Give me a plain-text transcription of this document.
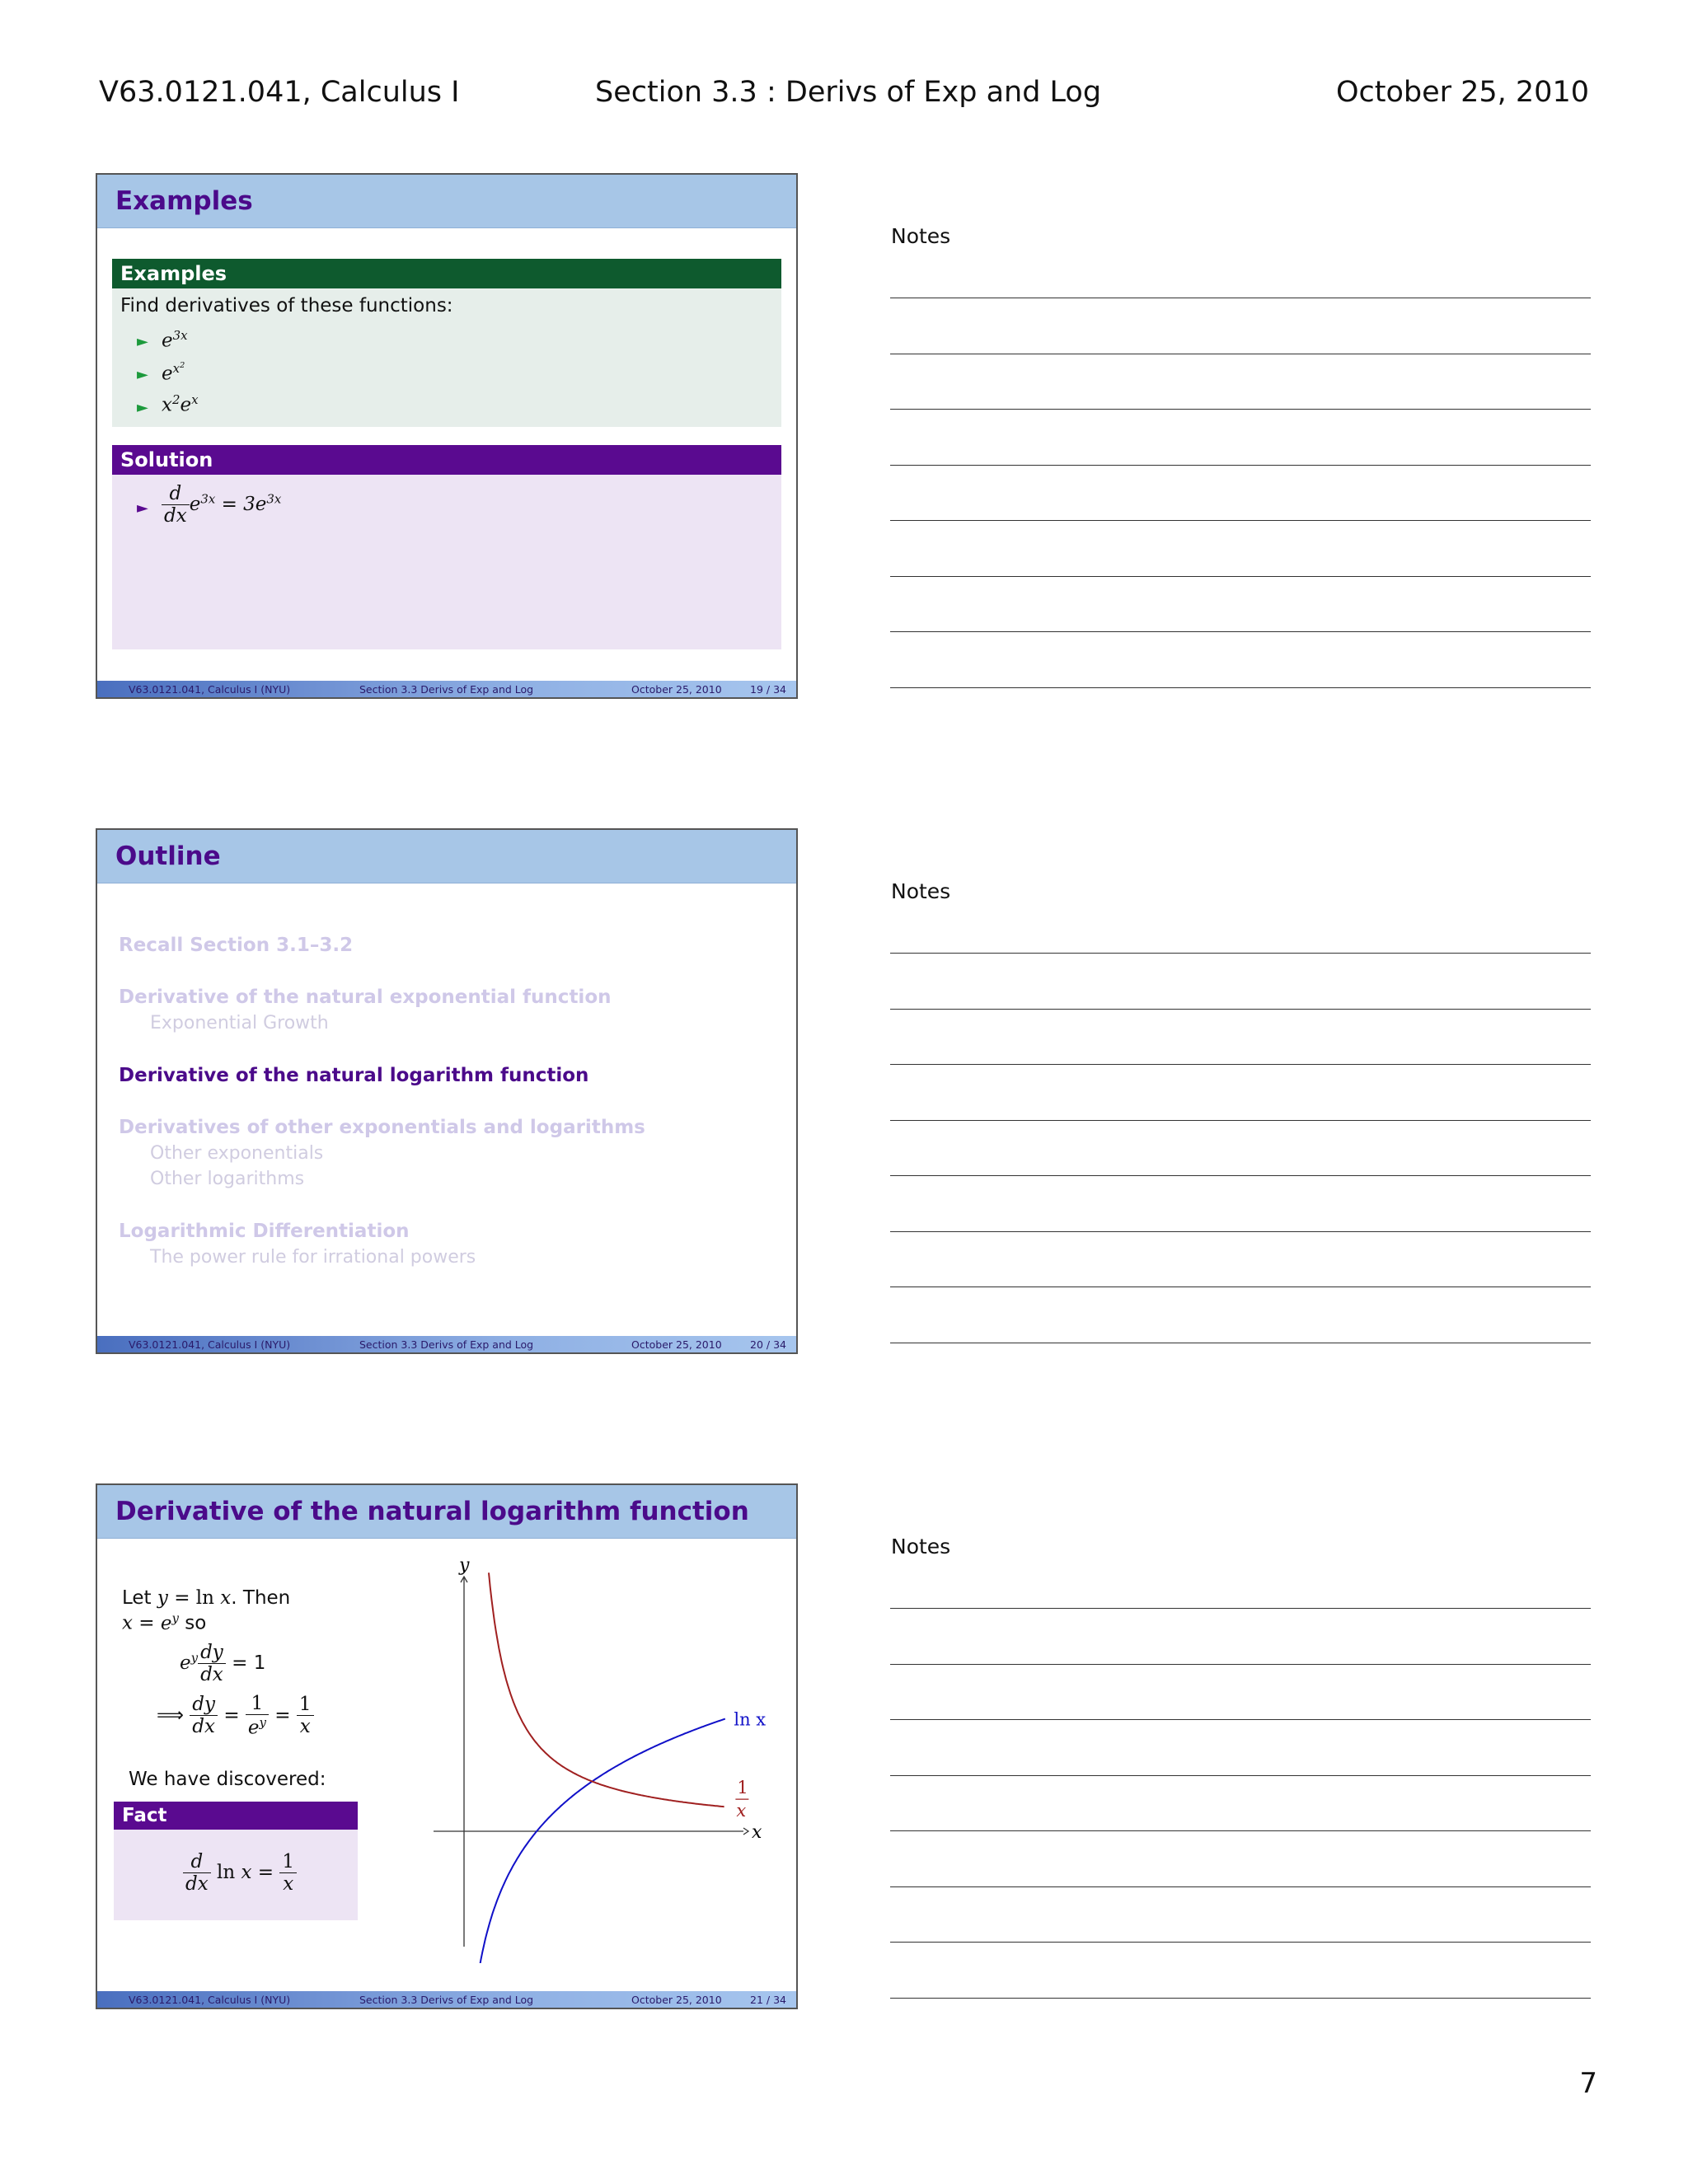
V63.0121.041, Calculus I	Section 3.3 : Derivs of Exp and Log	October 25, 2010
Examples
Examples
Find derivatives of these functions:
► $e^{3x}$
► $e^{x^2}$
► $x^2e^x$
Solution
► $\frac{d}{dx} e^{3x} = 3e^{3x}$
V63.0121.041, Calculus I (NYU)	Section 3.3 Derivs of Exp and Log	October 25, 2010	19 / 34
Outline
Recall Section 3.1–3.2
Derivative of the natural exponential function
Exponential Growth
Derivative of the natural logarithm function
Derivatives of other exponentials and logarithms
Other exponentials
Other logarithms
Logarithmic Differentiation
The power rule for irrational powers
V63.0121.041, Calculus I (NYU)	Section 3.3 Derivs of Exp and Log	October 25, 2010	20 / 34
Derivative of the natural logarithm function
Let y = ln x. Then
$x = e^y$ so
$e^y \frac{dy}{dx} = 1$
⟹ $\frac{dy}{dx} = \frac{1}{e^y} = \frac{1}{x}$
We have discovered:
Fact
$\frac{d}{dx}$ $\ln x = \frac{1}{x}$
x
y
ln x
1
x
V63.0121.041, Calculus I (NYU)	Section 3.3 Derivs of Exp and Log	October 25, 2010	21 / 34
Notes
Notes
Notes
7
